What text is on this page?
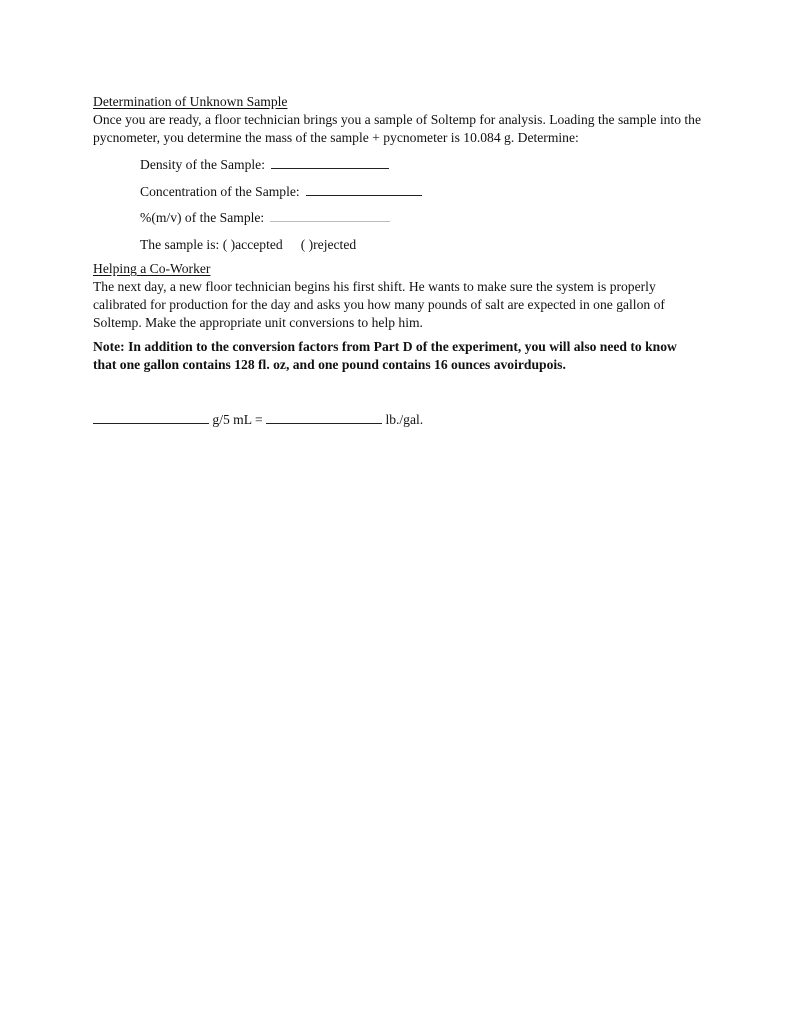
Determination of Unknown Sample

Once you are ready, a floor technician brings you a sample of Soltemp for analysis. Loading the sample into the pycnometer, you determine the mass of the sample + pycnometer is 10.084 g. Determine:

Density of the Sample:
Concentration of the Sample:
%(m/v) of the Sample:
The sample is: ( )accepted ( )rejected

Helping a Co-Worker

The next day, a new floor technician begins his first shift. He wants to make sure the system is properly calibrated for production for the day and asks you how many pounds of salt are expected in one gallon of Soltemp. Make the appropriate unit conversions to help him.

Note: In addition to the conversion factors from Part D of the experiment, you will also need to know that one gallon contains 128 fl. oz, and one pound contains 16 ounces avoirdupois.

g/5 mL =	lb./gal.
